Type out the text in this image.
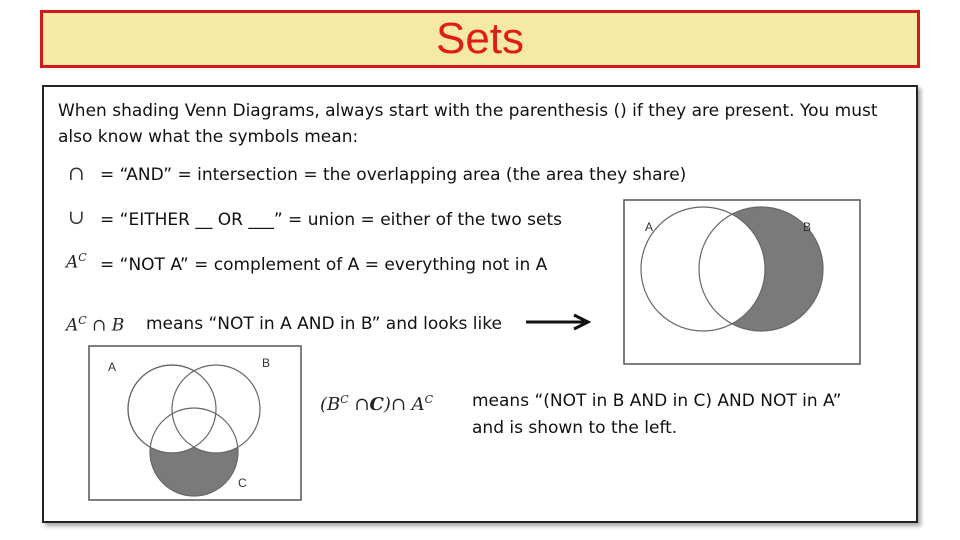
Sets
When shading Venn Diagrams, always start with the parenthesis () if they are present. You must
also know what the symbols mean:
∩ = “AND” = intersection = the overlapping area (the area they share)
∪ = “EITHER __ OR ___” = union = either of the two sets
$A^C$ = “NOT A” = complement of A = everything not in A
$A^C$ ∩ B means “NOT in A AND in B” and looks like
A	B
A	B
C
($B^C$ ∩C)∩ $A^C$ means “(NOT in B AND in C) AND NOT in A”
and is shown to the left.
